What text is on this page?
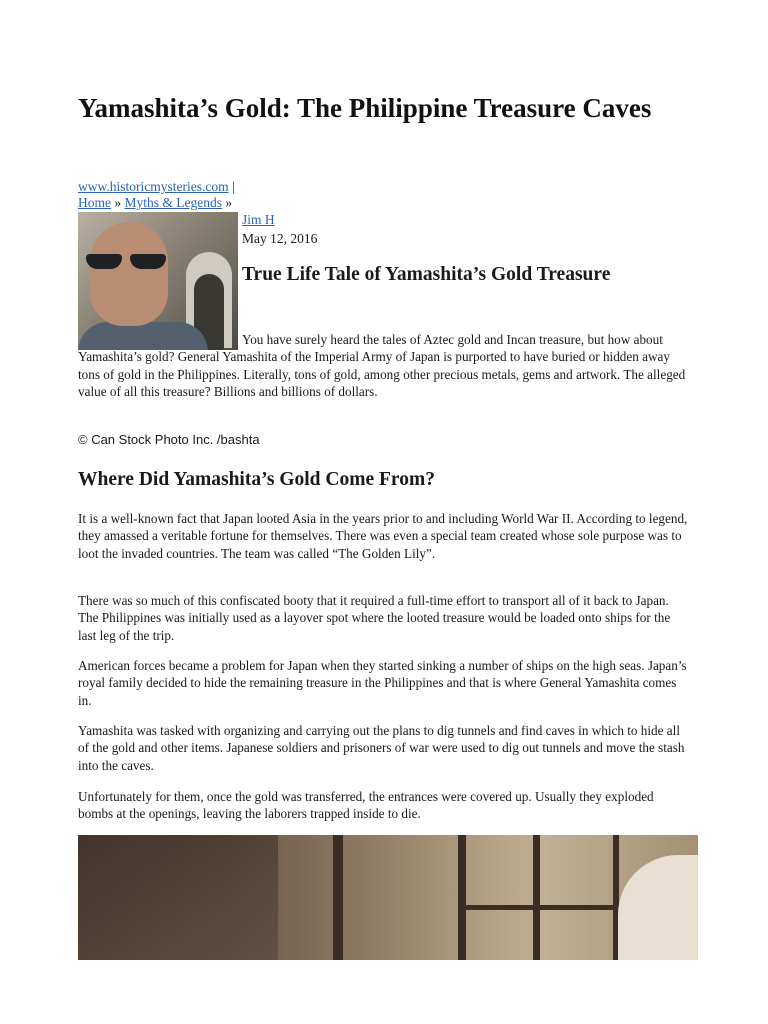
Yamashita’s Gold: The Philippine Treasure Caves
www.historicmysteries.com |
Home » Myths & Legends »
Jim H
May 12, 2016
True Life Tale of Yamashita’s Gold Treasure

You have surely heard the tales of Aztec gold and Incan treasure, but how about Yamashita’s gold? General Yamashita of the Imperial Army of Japan is purported to have buried or hidden away tons of gold in the Philippines. Literally, tons of gold, among other precious metals, gems and artwork. The alleged value of all this treasure? Billions and billions of dollars.

© Can Stock Photo Inc. /bashta

Where Did Yamashita’s Gold Come From?

It is a well-known fact that Japan looted Asia in the years prior to and including World War II. According to legend, they amassed a veritable fortune for themselves. There was even a special team created whose sole purpose was to loot the invaded countries. The team was called “The Golden Lily”.

There was so much of this confiscated booty that it required a full-time effort to transport all of it back to Japan. The Philippines was initially used as a layover spot where the looted treasure would be loaded onto ships for the last leg of the trip.

American forces became a problem for Japan when they started sinking a number of ships on the high seas. Japan’s royal family decided to hide the remaining treasure in the Philippines and that is where General Yamashita comes in.

Yamashita was tasked with organizing and carrying out the plans to dig tunnels and find caves in which to hide all of the gold and other items. Japanese soldiers and prisoners of war were used to dig out tunnels and move the stash into the caves.

Unfortunately for them, once the gold was transferred, the entrances were covered up. Usually they exploded bombs at the openings, leaving the laborers trapped inside to die.
